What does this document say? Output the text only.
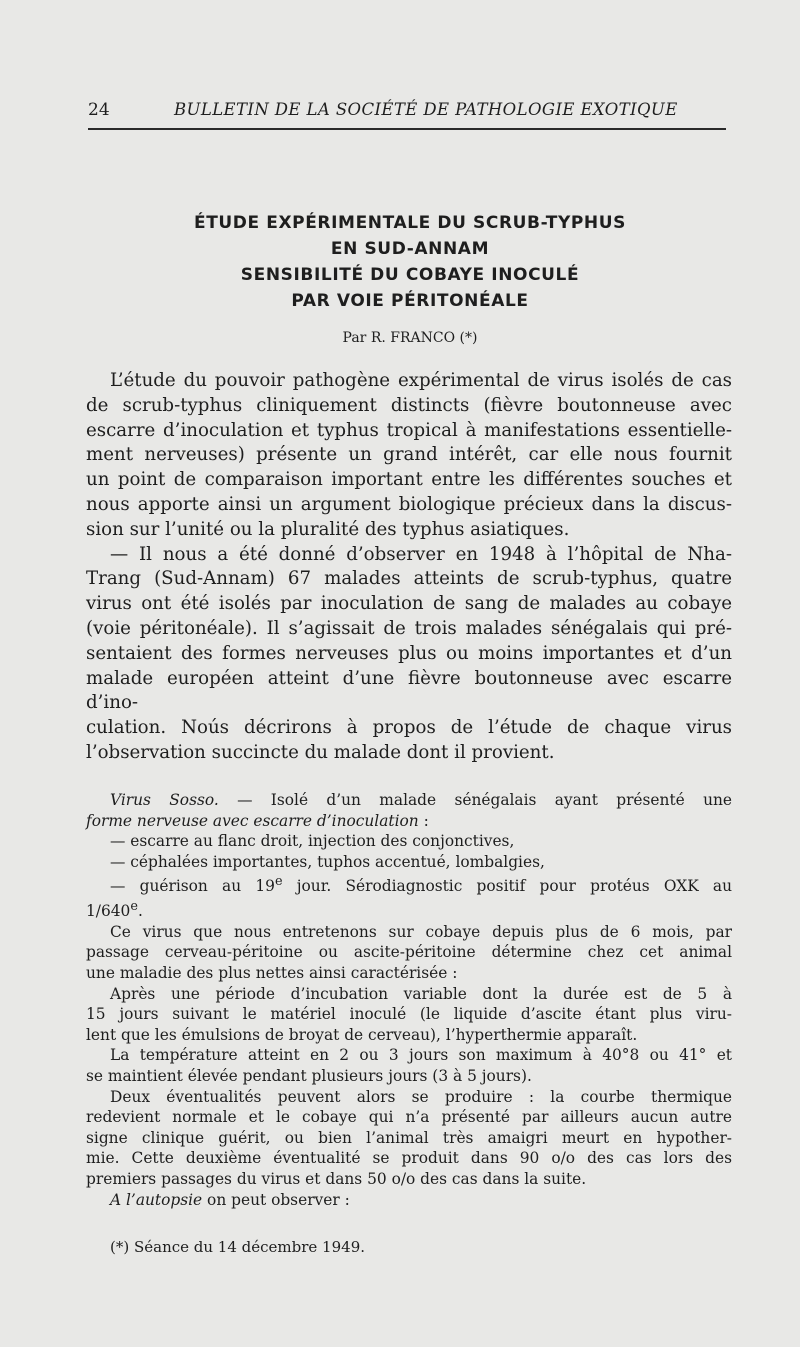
24	BULLETIN DE LA SOCIÉTÉ DE PATHOLOGIE EXOTIQUE
ÉTUDE EXPÉRIMENTALE DU SCRUB-TYPHUS
EN SUD-ANNAM
SENSIBILITÉ DU COBAYE INOCULÉ
PAR VOIE PÉRITONÉALE
Par R. FRANCO (*)

L’étude du pouvoir pathogène expérimental de virus isolés de cas

de scrub-typhus cliniquement distincts (fièvre boutonneuse avec

escarre d’inoculation et typhus tropical à manifestations essentielle-

ment nerveuses) présente un grand intérêt, car elle nous fournit

un point de comparaison important entre les différentes souches et

nous apporte ainsi un argument biologique précieux dans la discus-

sion sur l’unité ou la pluralité des typhus asiatiques.

— Il nous a été donné d’observer en 1948 à l’hôpital de Nha-

Trang (Sud-Annam) 67 malades atteints de scrub-typhus, quatre

virus ont été isolés par inoculation de sang de malades au cobaye

(voie péritonéale). Il s’agissait de trois malades sénégalais qui pré-

sentaient des formes nerveuses plus ou moins importantes et d’un

malade européen atteint d’une fièvre boutonneuse avec escarre d’ino-

culation. Noús décrirons à propos de l’étude de chaque virus

l’observation succincte du malade dont il provient.

Virus Sosso. — Isolé d’un malade sénégalais ayant présenté une

forme nerveuse avec escarre d’inoculation :

— escarre au flanc droit, injection des conjonctives,

— céphalées importantes, tuphos accentué, lombalgies,

— guérison au 19e jour. Sérodiagnostic positif pour protéus OXK au

1/640e.

Ce virus que nous entretenons sur cobaye depuis plus de 6 mois, par

passage cerveau-péritoine ou ascite-péritoine détermine chez cet animal

une maladie des plus nettes ainsi caractérisée :

Après une période d’incubation variable dont la durée est de 5 à

15 jours suivant le matériel inoculé (le liquide d’ascite étant plus viru-

lent que les émulsions de broyat de cerveau), l’hyperthermie apparaît.

La température atteint en 2 ou 3 jours son maximum à 40°8 ou 41° et

se maintient élevée pendant plusieurs jours (3 à 5 jours).

Deux éventualités peuvent alors se produire : la courbe thermique

redevient normale et le cobaye qui n’a présenté par ailleurs aucun autre

signe clinique guérit, ou bien l’animal très amaigri meurt en hypother-

mie. Cette deuxième éventualité se produit dans 90 o/o des cas lors des

premiers passages du virus et dans 50 o/o des cas dans la suite.

A l’autopsie on peut observer :

(*) Séance du 14 décembre 1949.
